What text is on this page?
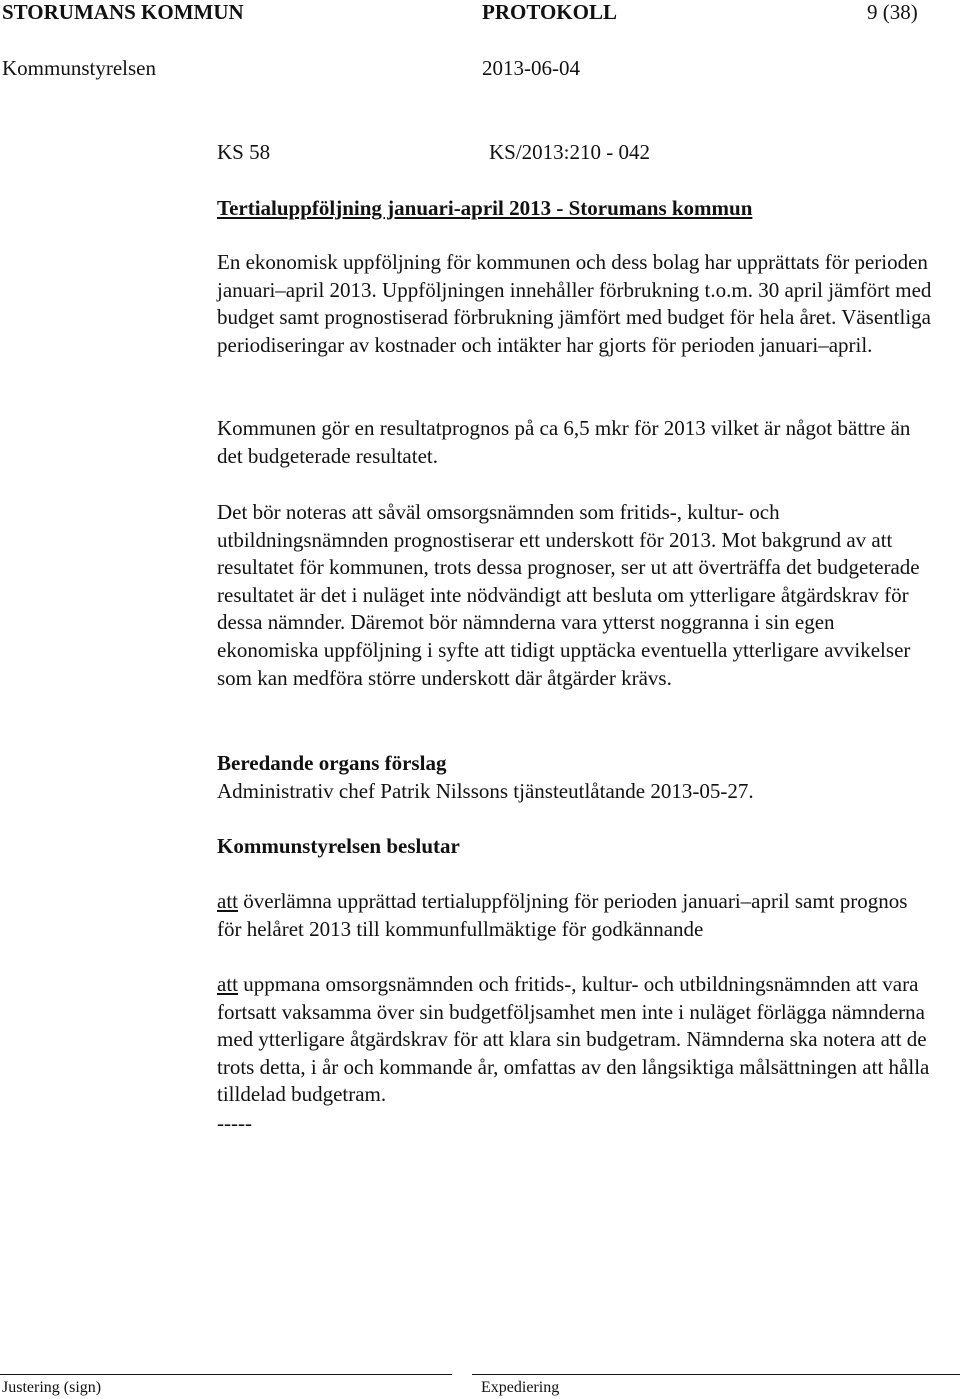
STORUMANS KOMMUN	PROTOKOLL	9 (38)
Kommunstyrelsen	2013-06-04
KS 58	KS/2013:210 - 042
Tertialuppföljning januari-april 2013 - Storumans kommun

En ekonomisk uppföljning för kommunen och dess bolag har upprättats för perioden januari–april 2013. Uppföljningen innehåller förbrukning t.o.m. 30 april jämfört med budget samt prognostiserad förbrukning jämfört med budget för hela året. Väsentliga periodiseringar av kostnader och intäkter har gjorts för perioden januari–april.

Kommunen gör en resultatprognos på ca 6,5 mkr för 2013 vilket är något bättre än det budgeterade resultatet.

Det bör noteras att såväl omsorgsnämnden som fritids-, kultur- och utbildningsnämnden prognostiserar ett underskott för 2013. Mot bakgrund av att resultatet för kommunen, trots dessa prognoser, ser ut att överträffa det budgeterade resultatet är det i nuläget inte nödvändigt att besluta om ytterligare åtgärdskrav för dessa nämnder. Däremot bör nämnderna vara ytterst noggranna i sin egen ekonomiska uppföljning i syfte att tidigt upptäcka eventuella ytterligare avvikelser som kan medföra större underskott där åtgärder krävs.

Beredande organs förslag
Administrativ chef Patrik Nilssons tjänsteutlåtande 2013-05-27.
Kommunstyrelsen beslutar

att överlämna upprättad tertialuppföljning för perioden januari–april samt prognos för helåret 2013 till kommunfullmäktige för godkännande

att uppmana omsorgsnämnden och fritids-, kultur- och utbildningsnämnden att vara fortsatt vaksamma över sin budgetföljsamhet men inte i nuläget förlägga nämnderna med ytterligare åtgärdskrav för att klara sin budgetram. Nämnderna ska notera att de trots detta, i år och kommande år, omfattas av den långsiktiga målsättningen att hålla tilldelad budgetram.

-----
Justering (sign)	Expediering
